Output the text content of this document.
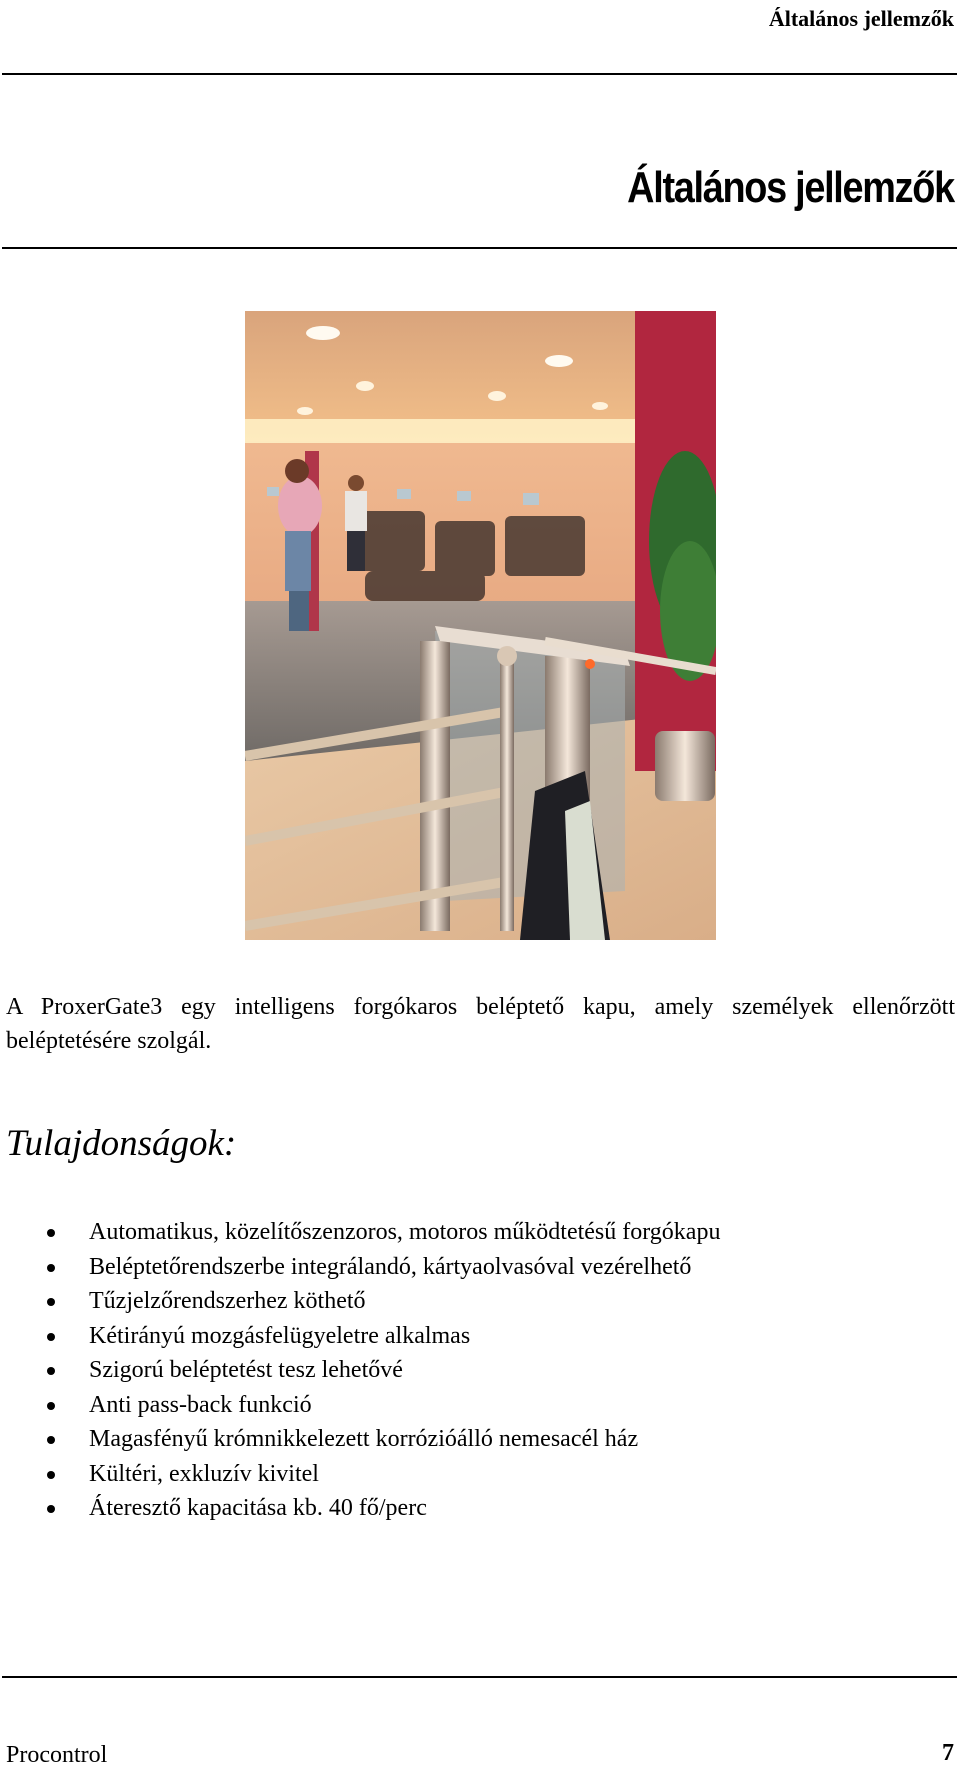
Általános jellemzők
Általános jellemzők

A ProxerGate3 egy intelligens forgókaros beléptető kapu, amely személyek ellenőrzött beléptetésére szolgál.

Tulajdonságok:
Automatikus, közelítőszenzoros, motoros működtetésű forgókapu
Beléptetőrendszerbe integrálandó, kártyaolvasóval vezérelhető
Tűzjelzőrendszerhez köthető
Kétirányú mozgásfelügyeletre alkalmas
Szigorú beléptetést tesz lehetővé
Anti pass-back funkció
Magasfényű krómnikkelezett korrózióálló nemesacél ház
Kültéri, exkluzív kivitel
Áteresztő kapacitása kb. 40 fő/perc
Procontrol	7
